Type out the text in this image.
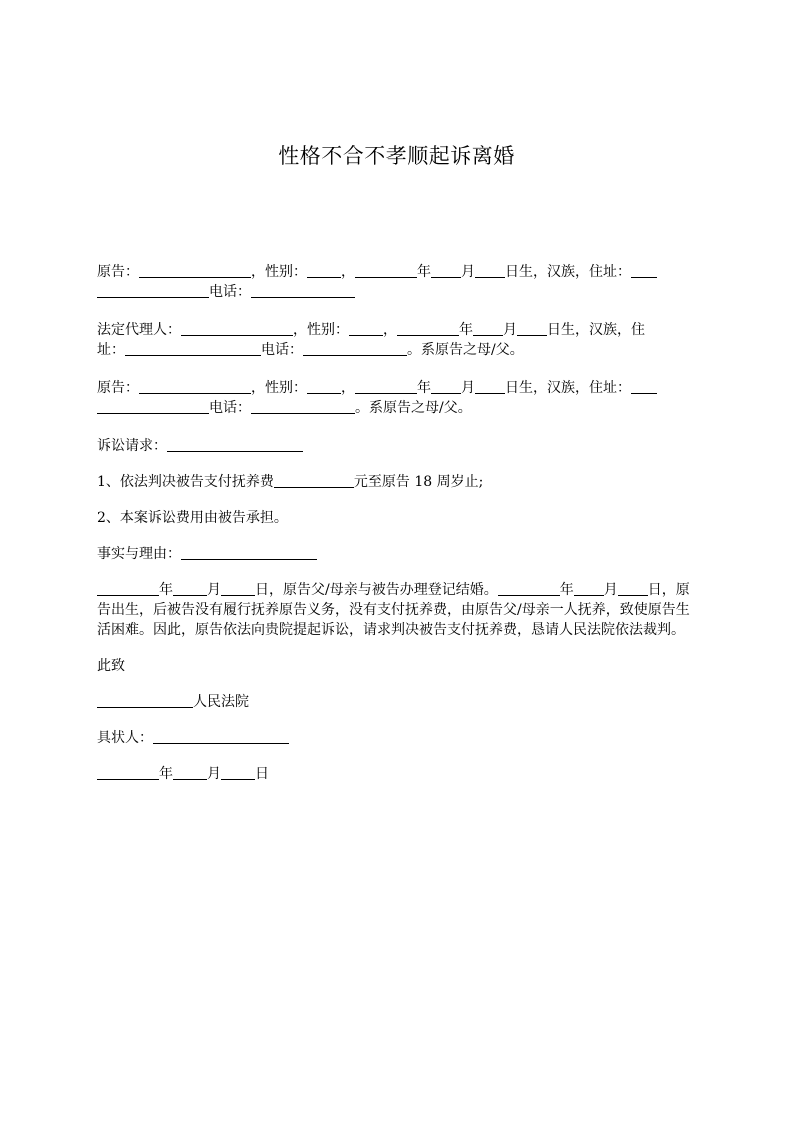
性格不合不孝顺起诉离婚

原告：	，性别： ，	年 月 日生，汉族，住址：电话：

法定代理人：	，性别： ，	年 月 日生，汉族，住
址：	电话：	。系原告之母/父。

原告：	，性别： ，	年 月 日生，汉族，住址：电话：	。系原告之母/父。

诉讼请求：

1、依法判决被告支付抚养费	元至原告 18 周岁止;

2、本案诉讼费用由被告承担。

事实与理由：

年 月 日，原告父/母亲与被告办理登记结婚。	年 月 日，原告出生，后被告没有履行抚养原告义务，没有支付抚养费，由原告父/母亲一人抚养，致使原告生活困难。因此，原告依法向贵院提起诉讼，请求判决被告支付抚养费，恳请人民法院依法裁判。

此致

人民法院

具状人：

年 月 日
